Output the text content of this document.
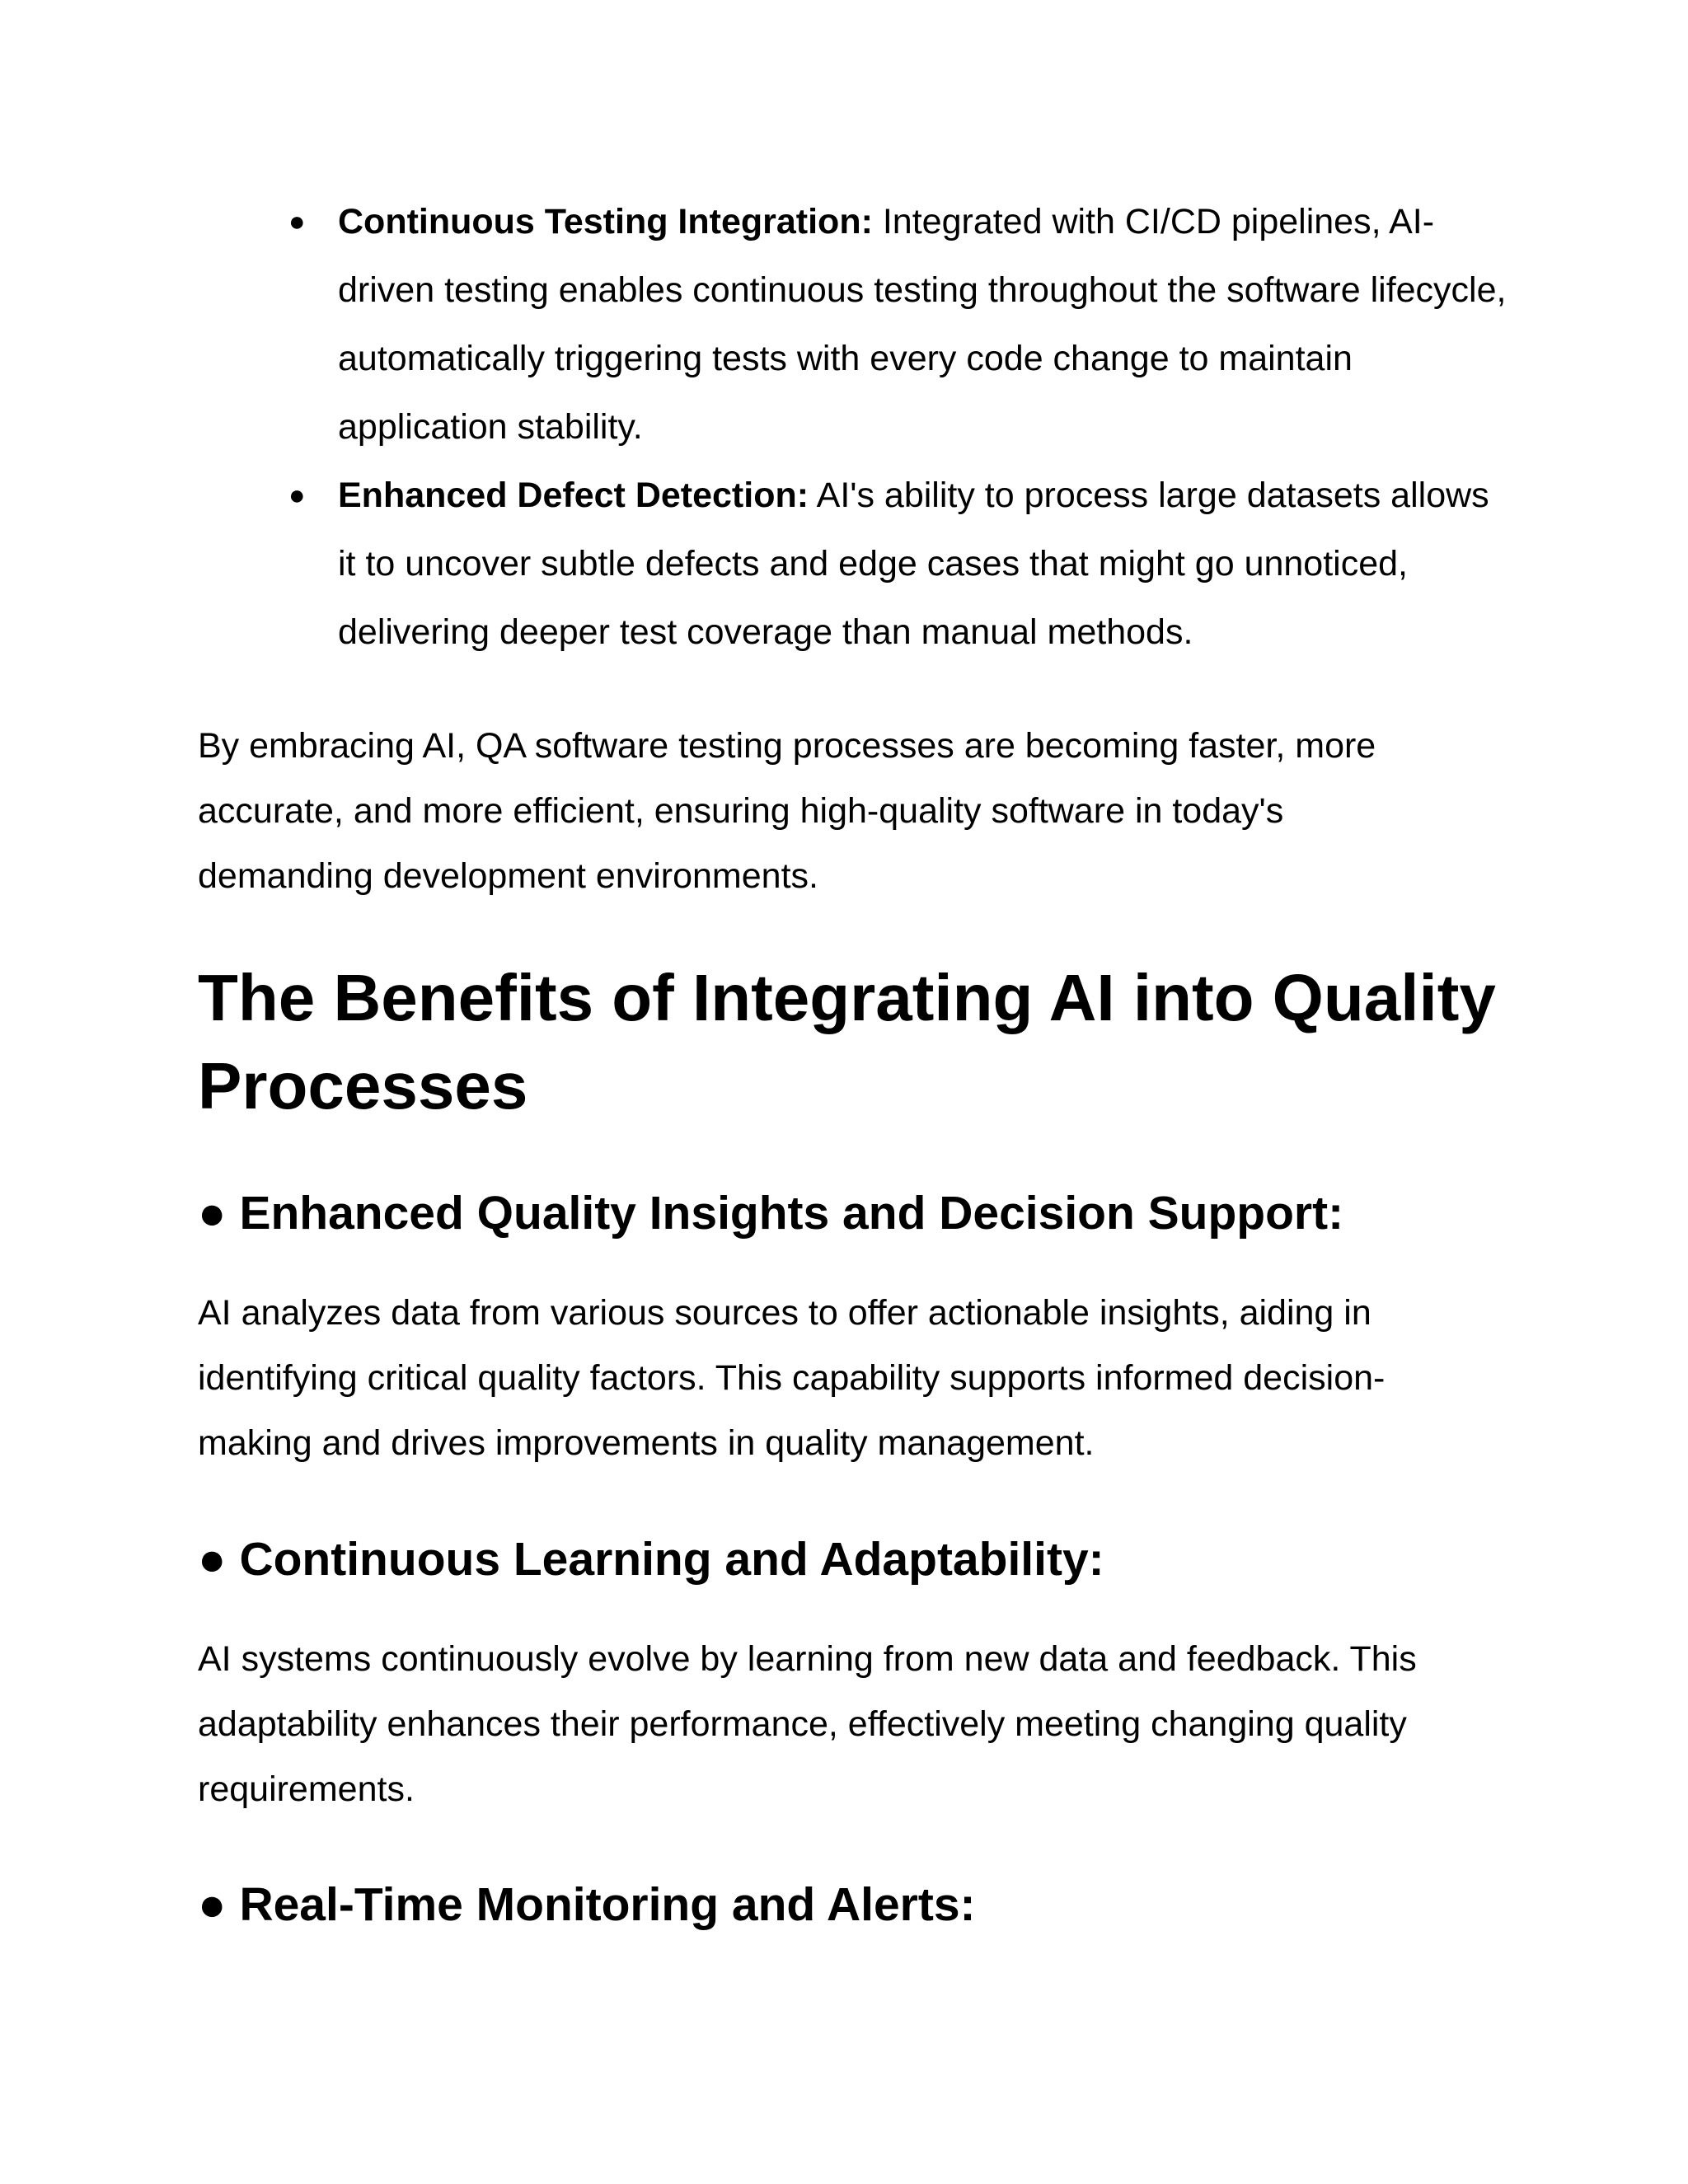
● Continuous Testing Integration: Integrated with CI/CD pipelines, AI-driven testing enables continuous testing throughout the software lifecycle, automatically triggering tests with every code change to maintain application stability.
● Enhanced Defect Detection: AI's ability to process large datasets allows it to uncover subtle defects and edge cases that might go unnoticed, delivering deeper test coverage than manual methods.

By embracing AI, QA software testing processes are becoming faster, more accurate, and more efficient, ensuring high-quality software in today's demanding development environments.

The Benefits of Integrating AI into Quality Processes
● Enhanced Quality Insights and Decision Support:

AI analyzes data from various sources to offer actionable insights, aiding in identifying critical quality factors. This capability supports informed decision-making and drives improvements in quality management.

● Continuous Learning and Adaptability:

AI systems continuously evolve by learning from new data and feedback. This adaptability enhances their performance, effectively meeting changing quality requirements.

● Real-Time Monitoring and Alerts:
